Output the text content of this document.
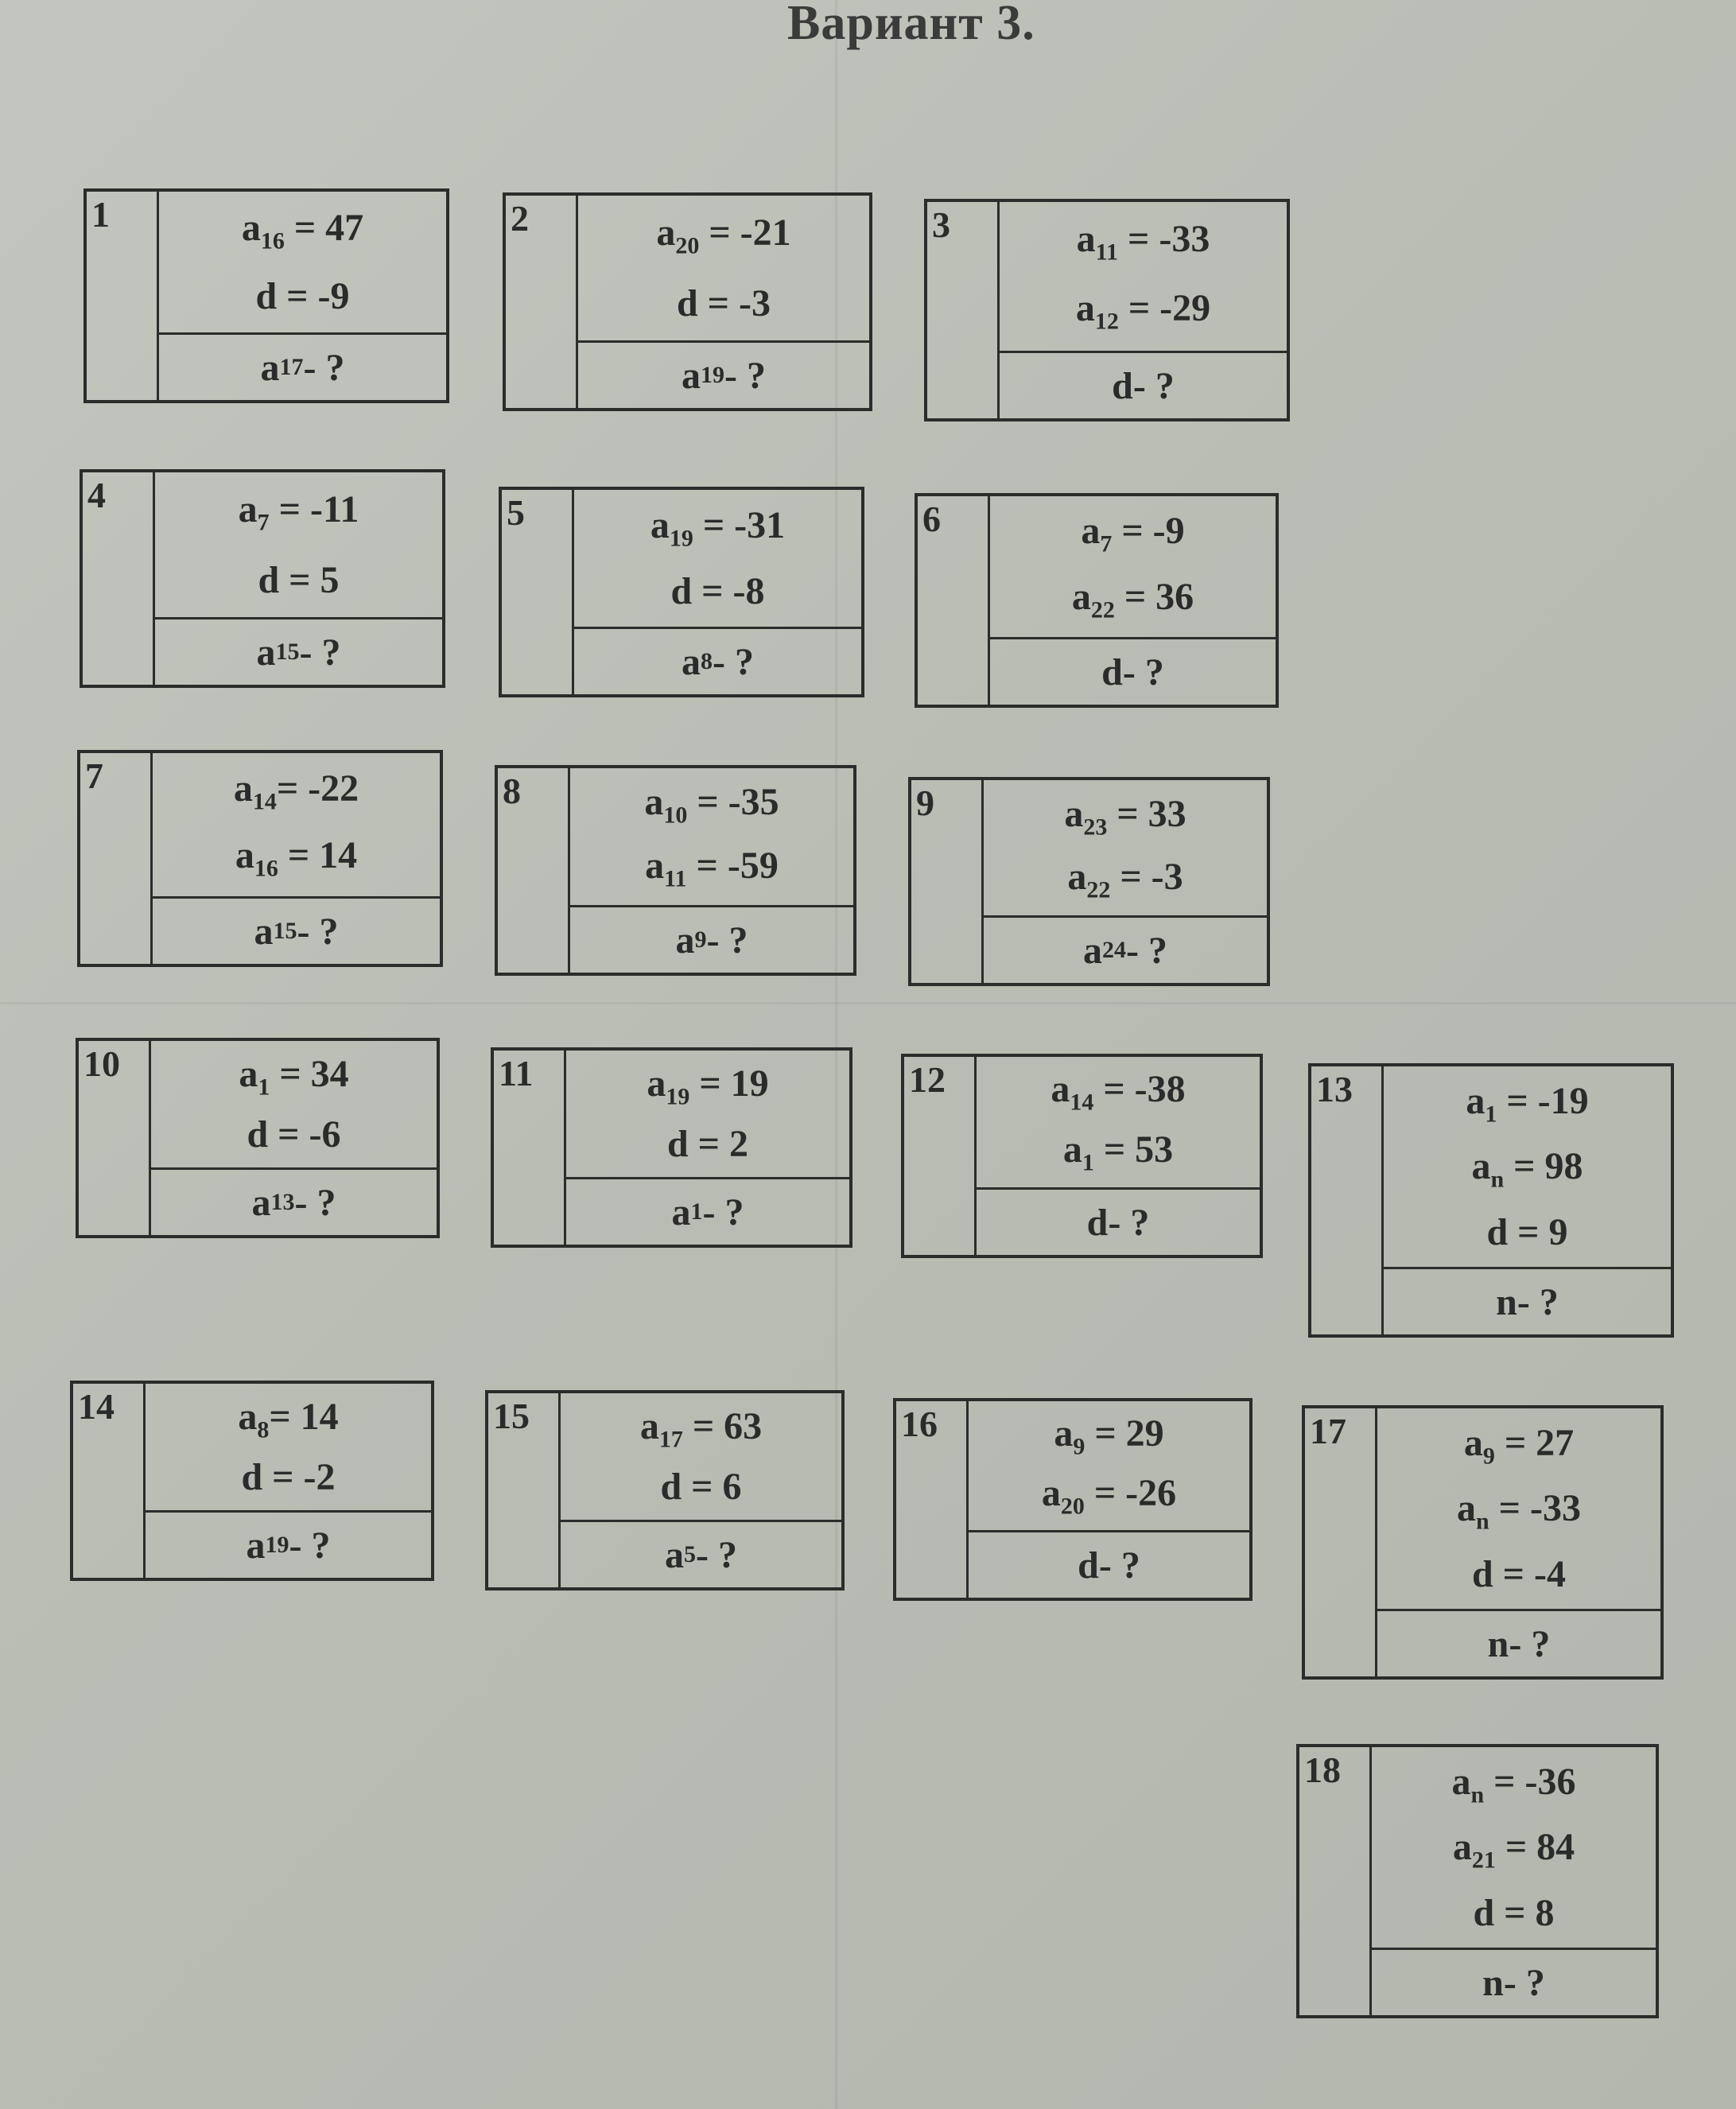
Вариант 3.
1	$a_{16} = 47$
d = -9
a 17 - ?
2	$a_{20} = -21$
d = -3
a 19 - ?
3	$a_{11} = -33$
$a_{12} = -29$
d - ?
4	$a_7 = -11$
d = 5
a 15 - ?
5	$a_{19} = -31$
d = -8
a 8 - ?
6	$a_7 = -9$
$a_{22} = 36$
d - ?
7	$a_{14}= -22$
$a_{16} = 14$
a 15 - ?
8	$a_{10} = -35$
$a_{11} = -59$
a 9 - ?
9	$a_{23} = 33$
$a_{22} = -3$
a 24 - ?
10	$a_1 = 34$
d = -6
a 13 - ?
11	$a_{19} = 19$
d = 2
a 1 - ?
12	$a_{14} = -38$
$a_1 = 53$
d - ?
13	$a_1 = -19$
$a_n = 98$
d = 9
n - ?
14	$a_8= 14$
d = -2
a 19 - ?
15	$a_{17} = 63$
d = 6
a 5 - ?
16	$a_9 = 29$
$a_{20} = -26$
d - ?
17	$a_9 = 27$
$a_n = -33$
d = -4
n - ?
18	$a_n = -36$
$a_{21} = 84$
d = 8
n - ?
